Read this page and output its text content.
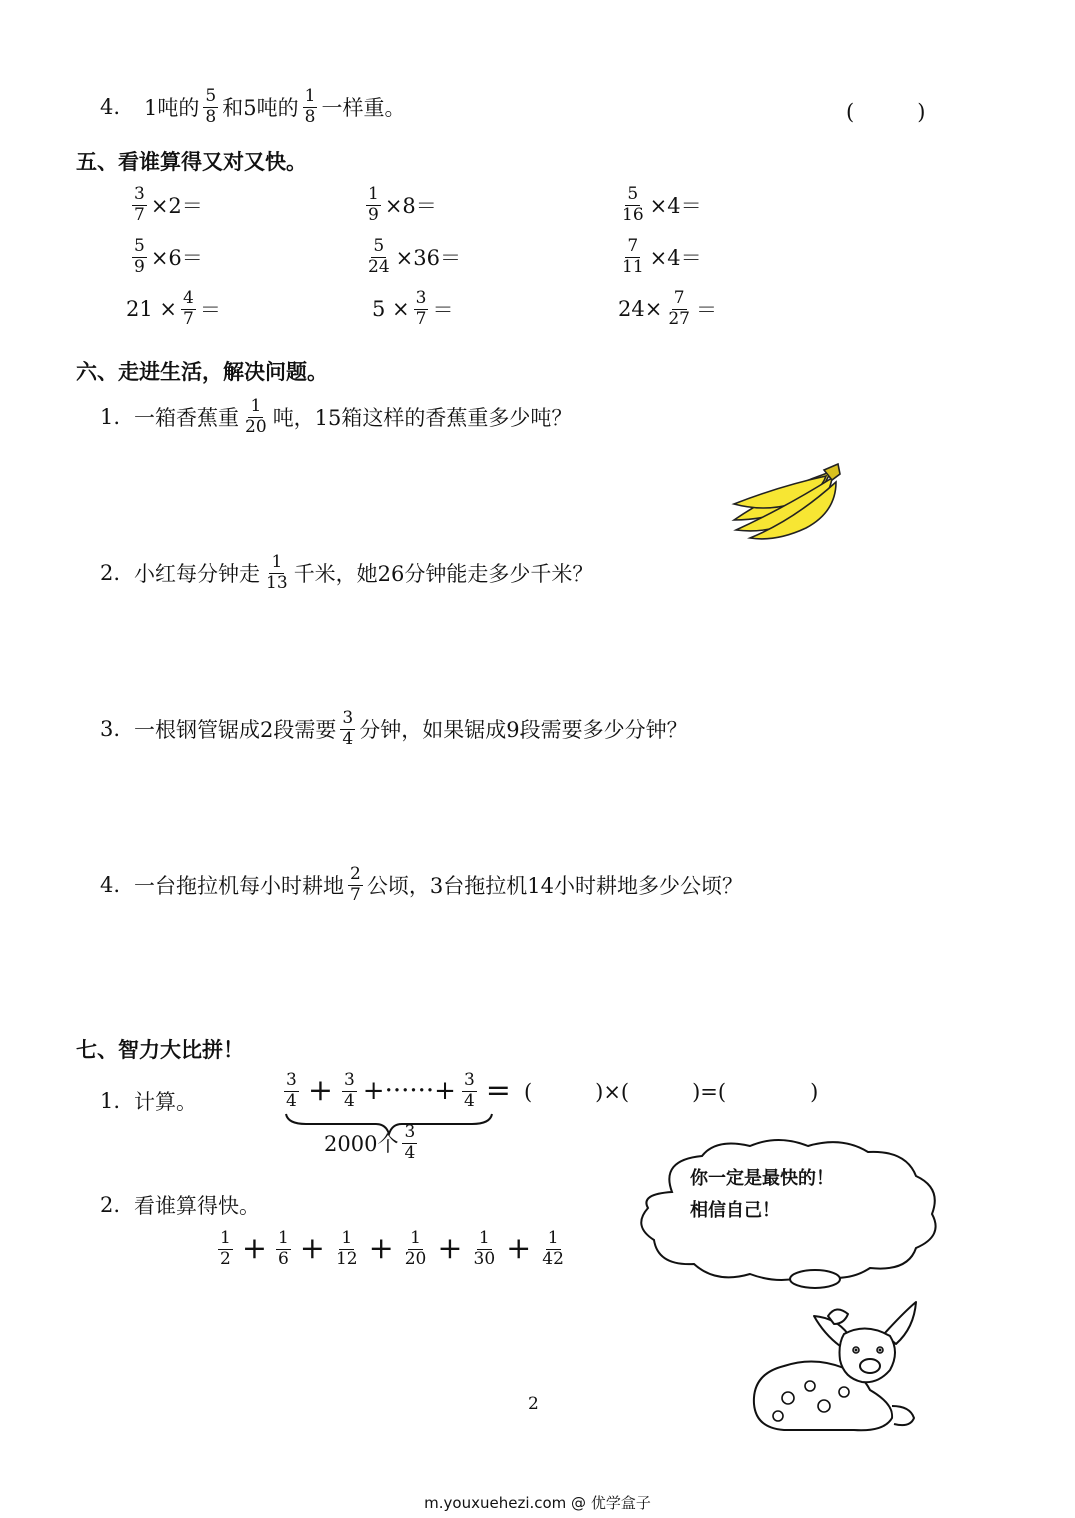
4. 1吨的 $\frac{5}{8}$ 和5吨的 $\frac{1}{8}$ 一样重。	(　　　)
五、看谁算得又对又快。
$\frac{3}{7} \times 2=$	$\frac{1}{9} \times 8=$	$\frac{5}{16} \times 4=$
$\frac{5}{9} \times 6=$	$\frac{5}{24} \times 36=$	$\frac{7}{11} \times 4=$
$21 \times \frac{4}{7}$ ＝	$5 \times \frac{3}{7}$ ＝	$24\times \frac{7}{27}$ ＝
六、走进生活，解决问题。
1. 一箱香蕉重 $\frac{1}{20}$ 吨，15箱这样的香蕉重多少吨？
2. 小红每分钟走 $\frac{1}{13}$ 千米，她26分钟能走多少千米？
3. 一根钢管锯成2段需要 $\frac{3}{4}$ 分钟，如果锯成9段需要多少分钟？
4. 一台拖拉机每小时耕地 $\frac{2}{7}$ 公顷，3台拖拉机14小时耕地多少公顷？
七、智力大比拼！
1. 计算。	$\frac{3}{4} + \frac{3}{4}$ +······+ $\frac{3}{4}$ = (　　　)×(　　　)=(　　　　)
2000个 $\frac{3}{4}$
2. 看谁算得快。
$\frac{1}{2} + \frac{1}{6} + \frac{1}{12} + \frac{1}{20} + \frac{1}{30} + \frac{1}{42}$
你一定是最快的！
相信自己！
2
m.youxuehezi.com @ 优学盒子
